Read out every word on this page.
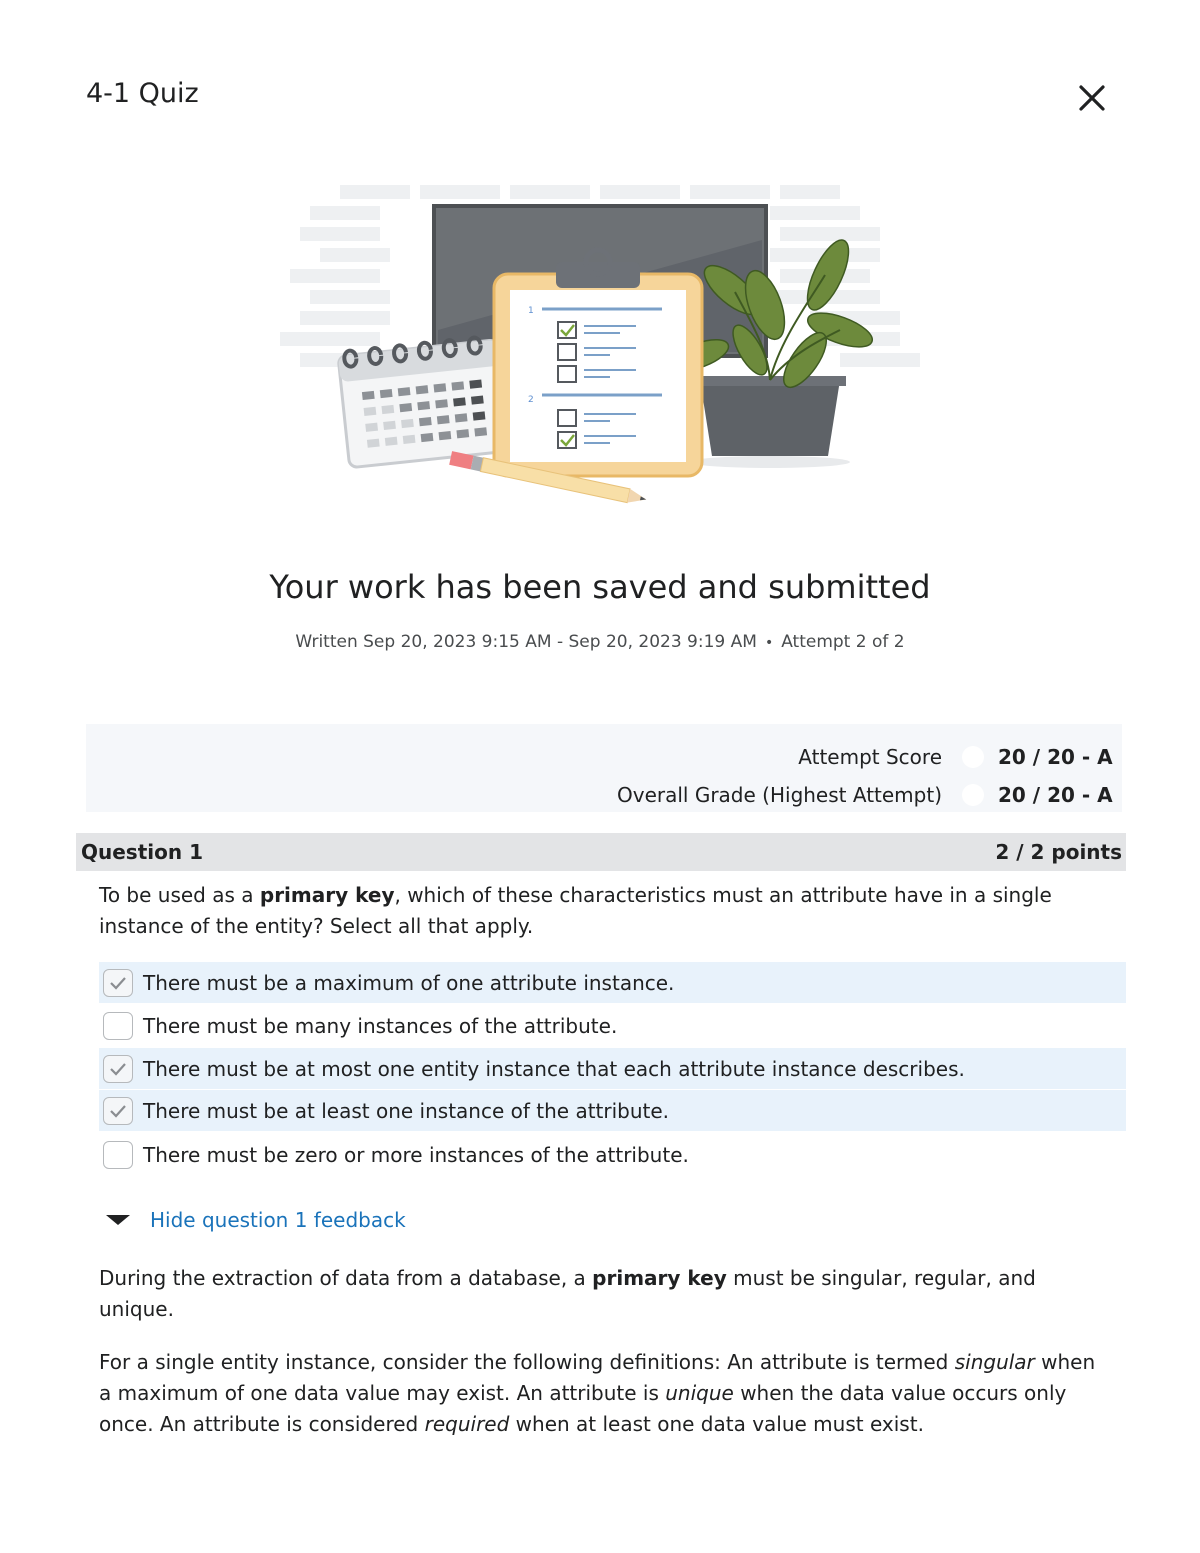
4-1 Quiz
1
2
Your work has been saved and submitted
Written Sep 20, 2023 9:15 AM - Sep 20, 2023 9:19 AM • Attempt 2 of 2
Attempt Score	20 / 20 - A
Overall Grade (Highest Attempt)	20 / 20 - A
Question 1	2 / 2 points
To be used as a primary key, which of these characteristics must an attribute have in a single instance of the entity? Select all that apply.
There must be a maximum of one attribute instance.
There must be many instances of the attribute.
There must be at most one entity instance that each attribute instance describes.
There must be at least one instance of the attribute.
There must be zero or more instances of the attribute.
Hide question 1 feedback
During the extraction of data from a database, a primary key must be singular, regular, and unique.
For a single entity instance, consider the following definitions: An attribute is termed singular when a maximum of one data value may exist. An attribute is unique when the data value occurs only once. An attribute is considered required when at least one data value must exist.
